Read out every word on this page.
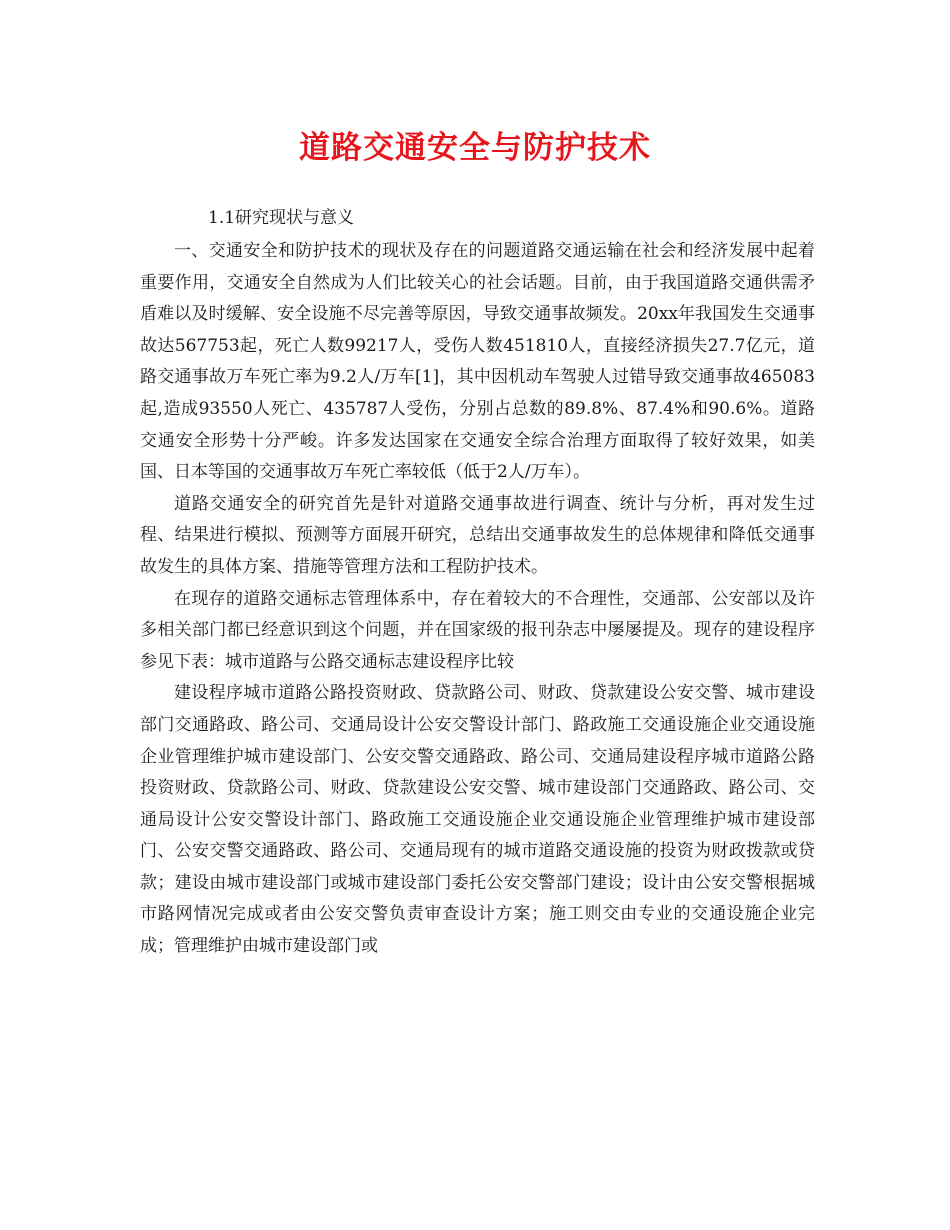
道路交通安全与防护技术

1.1研究现状与意义

一、交通安全和防护技术的现状及存在的问题道路交通运输在社会和经济发展中起着重要作用，交通安全自然成为人们比较关心的社会话题。目前，由于我国道路交通供需矛盾难以及时缓解、安全设施不尽完善等原因，导致交通事故频发。20xx年我国发生交通事故达567753起，死亡人数99217人，受伤人数451810人，直接经济损失27.7亿元，道路交通事故万车死亡率为9.2人/万车[1]，其中因机动车驾驶人过错导致交通事故465083起,造成93550人死亡、435787人受伤，分别占总数的89.8%、87.4%和90.6%。道路交通安全形势十分严峻。许多发达国家在交通安全综合治理方面取得了较好效果，如美国、日本等国的交通事故万车死亡率较低（低于2人/万车）。

道路交通安全的研究首先是针对道路交通事故进行调查、统计与分析，再对发生过程、结果进行模拟、预测等方面展开研究，总结出交通事故发生的总体规律和降低交通事故发生的具体方案、措施等管理方法和工程防护技术。

在现存的道路交通标志管理体系中，存在着较大的不合理性，交通部、公安部以及许多相关部门都已经意识到这个问题，并在国家级的报刊杂志中屡屡提及。现存的建设程序参见下表：城市道路与公路交通标志建设程序比较

建设程序城市道路公路投资财政、贷款路公司、财政、贷款建设公安交警、城市建设部门交通路政、路公司、交通局设计公安交警设计部门、路政施工交通设施企业交通设施企业管理维护城市建设部门、公安交警交通路政、路公司、交通局建设程序城市道路公路投资财政、贷款路公司、财政、贷款建设公安交警、城市建设部门交通路政、路公司、交通局设计公安交警设计部门、路政施工交通设施企业交通设施企业管理维护城市建设部门、公安交警交通路政、路公司、交通局现有的城市道路交通设施的投资为财政拨款或贷款；建设由城市建设部门或城市建设部门委托公安交警部门建设；设计由公安交警根据城市路网情况完成或者由公安交警负责审查设计方案；施工则交由专业的交通设施企业完成；管理维护由城市建设部门或
